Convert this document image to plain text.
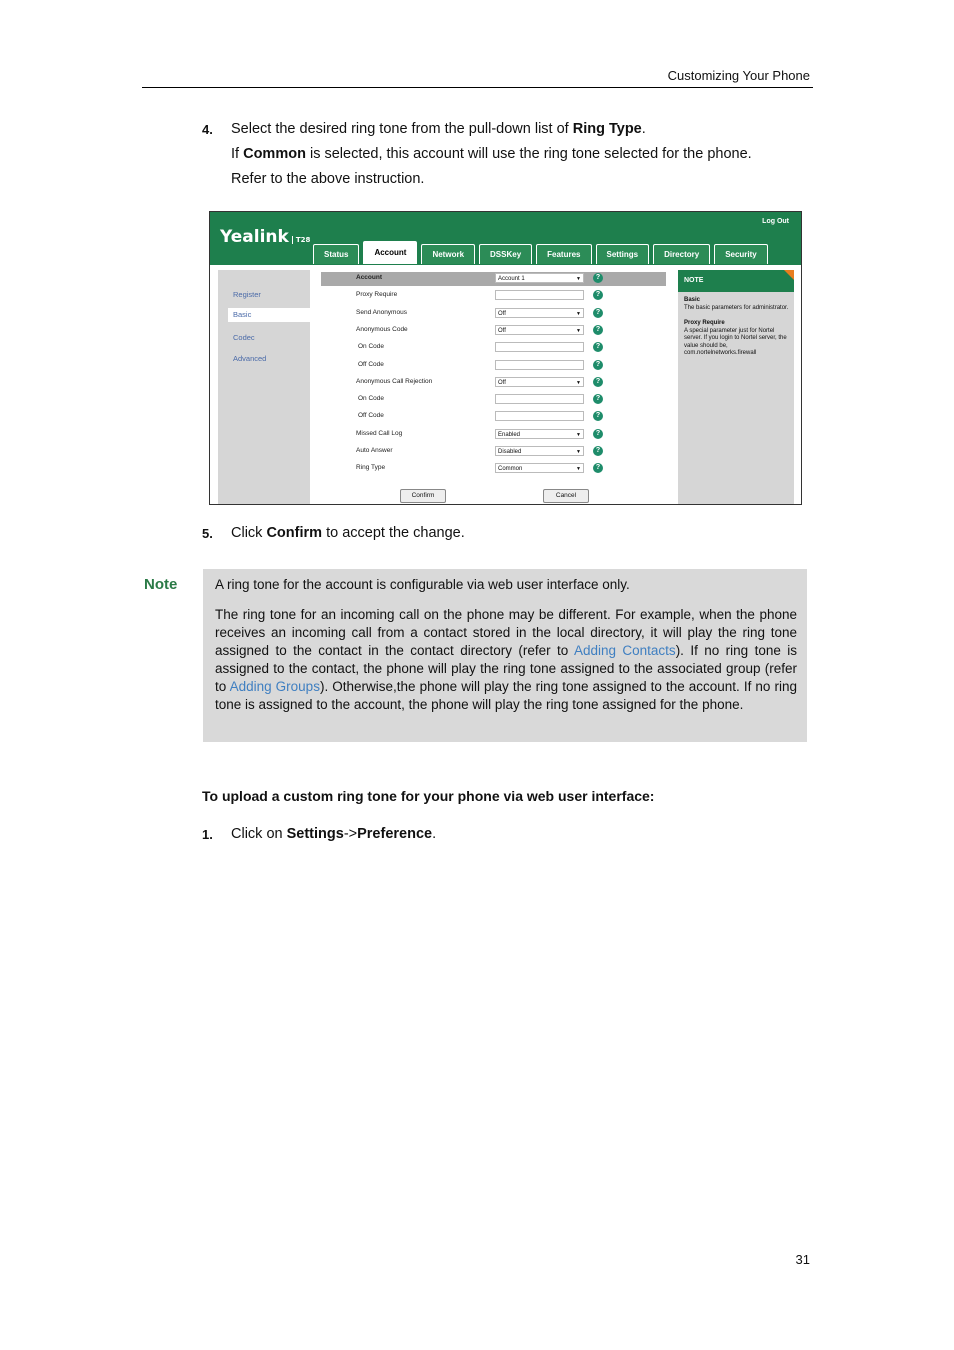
Customizing Your Phone
4. Select the desired ring tone from the pull-down list of Ring Type.
If Common is selected, this account will use the ring tone selected for the phone.
Refer to the above instruction.
Yealink T28
Log Out
Status	Account	Network	DSSKey	Features	Settings	Directory	Security
Register
Basic
Codec
Advanced
Confirm	Cancel
Account	Account 1	▼	?
Proxy Require	?
Send Anonymous	Off	▼	?
Anonymous Code	Off	▼	?
On Code	?
Off Code	?
Anonymous Call Rejection	Off	▼	?
On Code	?
Off Code	?
Missed Call Log	Enabled	▼	?
Auto Answer	Disabled	▼	?
Ring Type	Common	▼	?
NOTE
Basic
The basic parameters for administrator.
Proxy Require
A special parameter just for Nortel server. If you login to Nortel server, the value should be, com.nortelnetworks.firewall
5. Click Confirm to accept the change.
Note	A ring tone for the account is configurable via web user interface only.
The ring tone for an incoming call on the phone may be different. For example, when the phone receives an incoming call from a contact stored in the local directory, it will play the ring tone assigned to the contact in the contact directory (refer to Adding Contacts). If no ring tone is assigned to the contact, the phone will play the ring tone assigned to the associated group (refer to Adding Groups). Otherwise,the phone will play the ring tone assigned to the account. If no ring tone is assigned to the account, the phone will play the ring tone assigned for the phone.
To upload a custom ring tone for your phone via web user interface:
1. Click on Settings->Preference.
31
